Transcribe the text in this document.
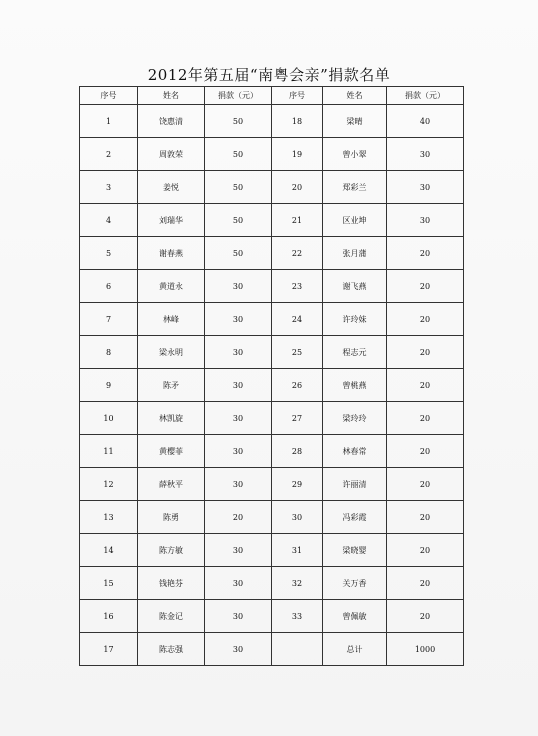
2012年第五届“南粤会亲”捐款名单
序号	姓名	捐款（元）	序号	姓名	捐款（元）
1	饶惠清	50	18	梁晴	40
2	周敦荣	50	19	曾小翠	30
3	姜悦	50	20	郑彩兰	30
4	刘瑞华	50	21	区业坤	30
5	谢春燕	50	22	张月蒲	20
6	黄道永	30	23	谢飞燕	20
7	林峰	30	24	许玲妹	20
8	梁永明	30	25	程志元	20
9	陈矛	30	26	曾桃燕	20
10	林凯旋	30	27	梁玲玲	20
11	黄樱菲	30	28	林春常	20
12	薛秋平	30	29	许丽清	20
13	陈勇	20	30	冯彩霞	20
14	陈方敏	30	31	梁晓婴	20
15	钱艳芬	30	32	关万香	20
16	陈金记	30	33	曾佩敏	20
17	陈志强	30		总计	1000
